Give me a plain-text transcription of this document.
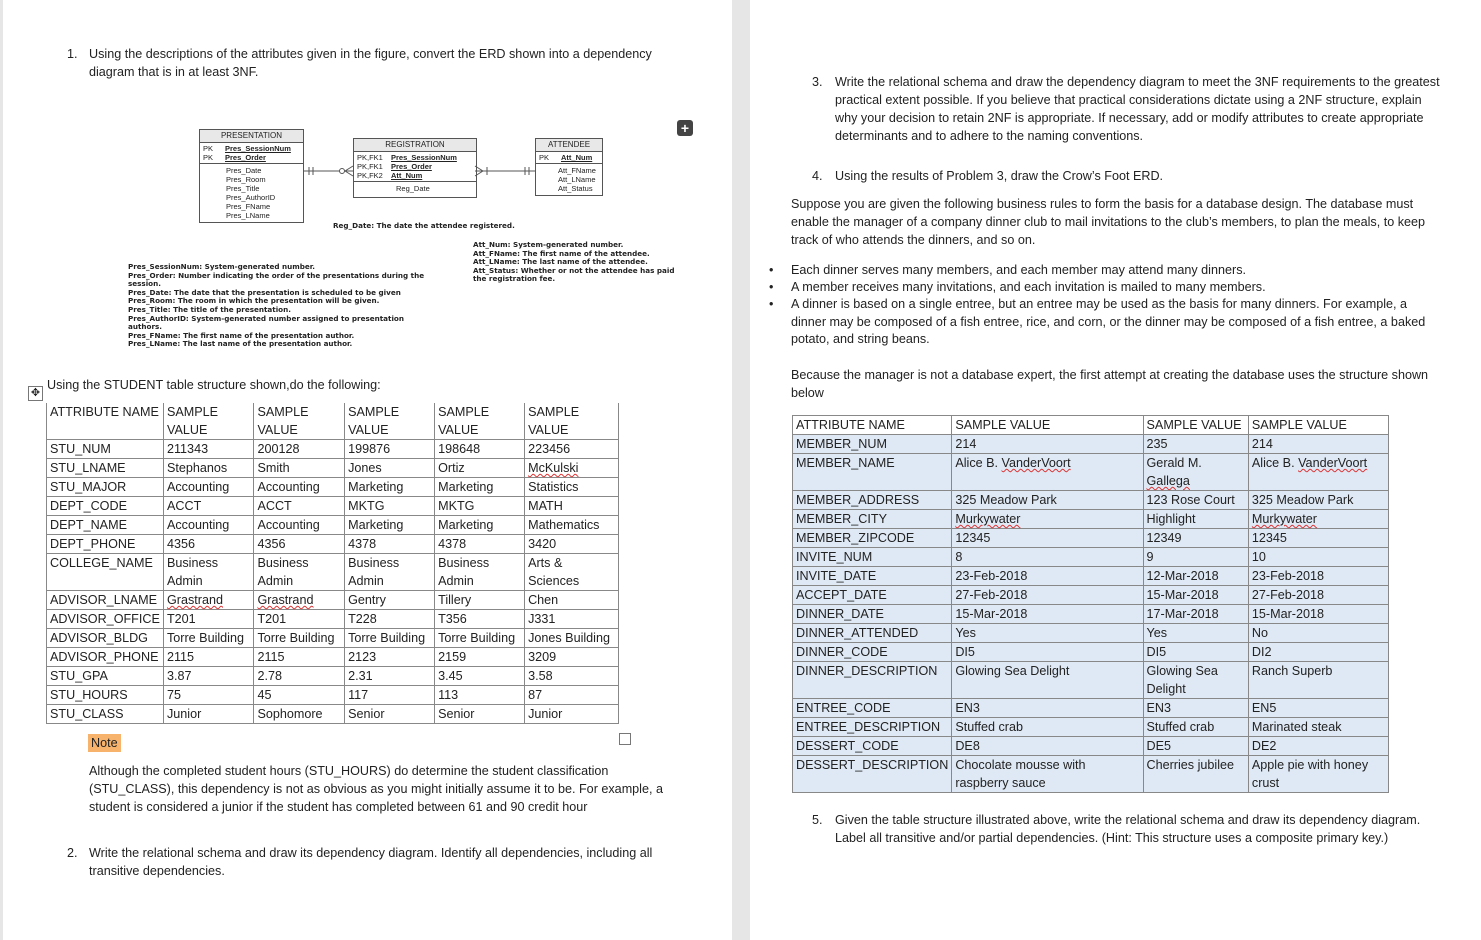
1. Using the descriptions of the attributes given in the figure, convert the ERD shown into a dependency diagram that is in at least 3NF.
+
PRESENTATION
PK Pres_SessionNum
PK Pres_Order
Pres_Date
Pres_Room
Pres_Title
Pres_AuthorID
Pres_FName
Pres_LName
REGISTRATION
PK,FK1 Pres_SessionNum
PK,FK1 Pres_Order
PK,FK2 Att_Num
Reg_Date
ATTENDEE
PK Att_Num
Att_FName
Att_LName
Att_Status
Reg_Date: The date the attendee registered.
Att_Num: System-generated number.
Att_FName: The first name of the attendee.
Att_LName: The last name of the attendee.
Att_Status: Whether or not the attendee has paid the registration fee.
Pres_SessionNum: System-generated number.
Pres_Order: Number indicating the order of the presentations during the session.
Pres_Date: The date that the presentation is scheduled to be given
Pres_Room: The room in which the presentation will be given.
Pres_Title: The title of the presentation.
Pres_AuthorID: System-generated number assigned to presentation authors.
Pres_FName: The first name of the presentation author.
Pres_LName: The last name of the presentation author.
✥
Using the STUDENT table structure shown,do the following:
ATTRIBUTE NAME	SAMPLE VALUE	SAMPLE VALUE	SAMPLE VALUE	SAMPLE VALUE	SAMPLE VALUE
STU_NUM	211343	200128	199876	198648	223456
STU_LNAME	Stephanos	Smith	Jones	Ortiz	McKulski
STU_MAJOR	Accounting	Accounting	Marketing	Marketing	Statistics
DEPT_CODE	ACCT	ACCT	MKTG	MKTG	MATH
DEPT_NAME	Accounting	Accounting	Marketing	Marketing	Mathematics
DEPT_PHONE	4356	4356	4378	4378	3420
COLLEGE_NAME	Business Admin	Business Admin	Business Admin	Business Admin	Arts & Sciences
ADVISOR_LNAME	Grastrand	Grastrand	Gentry	Tillery	Chen
ADVISOR_OFFICE	T201	T201	T228	T356	J331
ADVISOR_BLDG	Torre Building	Torre Building	Torre Building	Torre Building	Jones Building
ADVISOR_PHONE	2115	2115	2123	2159	3209
STU_GPA	3.87	2.78	2.31	3.45	3.58
STU_HOURS	75	45	117	113	87
STU_CLASS	Junior	Sophomore	Senior	Senior	Junior
Note
Although the completed student hours (STU_HOURS) do determine the student classification (STU_CLASS), this dependency is not as obvious as you might initially assume it to be. For example, a student is considered a junior if the student has completed between 61 and 90 credit hour
2. Write the relational schema and draw its dependency diagram. Identify all dependencies, including all transitive dependencies.
3. Write the relational schema and draw the dependency diagram to meet the 3NF requirements to the greatest practical extent possible. If you believe that practical considerations dictate using a 2NF structure, explain why your decision to retain 2NF is appropriate. If necessary, add or modify attributes to create appropriate determinants and to adhere to the naming conventions.
4. Using the results of Problem 3, draw the Crow’s Foot ERD.
Suppose you are given the following business rules to form the basis for a database design. The database must enable the manager of a company dinner club to mail invitations to the club’s members, to plan the meals, to keep track of who attends the dinners, and so on.
• Each dinner serves many members, and each member may attend many dinners.
• A member receives many invitations, and each invitation is mailed to many members.
• A dinner is based on a single entree, but an entree may be used as the basis for many dinners. For example, a dinner may be composed of a fish entree, rice, and corn, or the dinner may be composed of a fish entree, a baked potato, and string beans.
Because the manager is not a database expert, the first attempt at creating the database uses the structure shown below
ATTRIBUTE NAME	SAMPLE VALUE	SAMPLE VALUE	SAMPLE VALUE
MEMBER_NUM	214	235	214
MEMBER_NAME	Alice B. VanderVoort	Gerald M. Gallega	Alice B. VanderVoort
MEMBER_ADDRESS	325 Meadow Park	123 Rose Court	325 Meadow Park
MEMBER_CITY	Murkywater	Highlight	Murkywater
MEMBER_ZIPCODE	12345	12349	12345
INVITE_NUM	8	9	10
INVITE_DATE	23-Feb-2018	12-Mar-2018	23-Feb-2018
ACCEPT_DATE	27-Feb-2018	15-Mar-2018	27-Feb-2018
DINNER_DATE	15-Mar-2018	17-Mar-2018	15-Mar-2018
DINNER_ATTENDED	Yes	Yes	No
DINNER_CODE	DI5	DI5	DI2
DINNER_DESCRIPTION	Glowing Sea Delight	Glowing Sea Delight	Ranch Superb
ENTREE_CODE	EN3	EN3	EN5
ENTREE_DESCRIPTION	Stuffed crab	Stuffed crab	Marinated steak
DESSERT_CODE	DE8	DE5	DE2
DESSERT_DESCRIPTION	Chocolate mousse with raspberry sauce	Cherries jubilee	Apple pie with honey crust
5. Given the table structure illustrated above, write the relational schema and draw its dependency diagram. Label all transitive and/or partial dependencies. (Hint: This structure uses a composite primary key.)
